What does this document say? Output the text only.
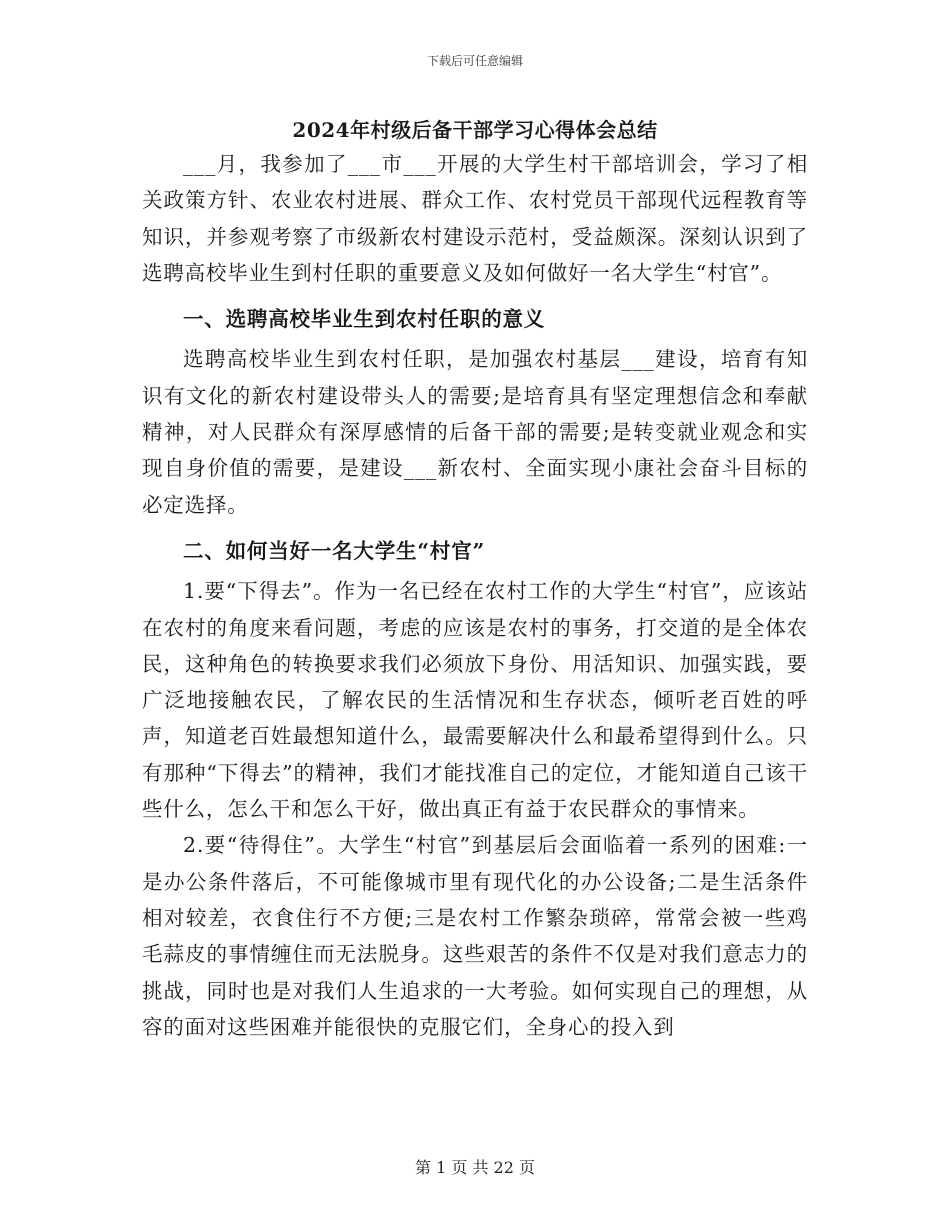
下载后可任意编辑
2024年村级后备干部学习心得体会总结

___月，我参加了___市___开展的大学生村干部培训会，学习了相关政策方针、农业农村进展、群众工作、农村党员干部现代远程教育等知识，并参观考察了市级新农村建设示范村，受益颇深。深刻认识到了选聘高校毕业生到村任职的重要意义及如何做好一名大学生“村官”。

一、选聘高校毕业生到农村任职的意义

选聘高校毕业生到农村任职，是加强农村基层___建设，培育有知识有文化的新农村建设带头人的需要;是培育具有坚定理想信念和奉献精神，对人民群众有深厚感情的后备干部的需要;是转变就业观念和实现自身价值的需要，是建设___新农村、全面实现小康社会奋斗目标的必定选择。

二、如何当好一名大学生“村官”

1.要“下得去”。作为一名已经在农村工作的大学生“村官”，应该站在农村的角度来看问题，考虑的应该是农村的事务，打交道的是全体农民，这种角色的转换要求我们必须放下身份、用活知识、加强实践，要广泛地接触农民，了解农民的生活情况和生存状态，倾听老百姓的呼声，知道老百姓最想知道什么，最需要解决什么和最希望得到什么。只有那种“下得去”的精神，我们才能找准自己的定位，才能知道自己该干些什么，怎么干和怎么干好，做出真正有益于农民群众的事情来。

2.要“待得住”。大学生“村官”到基层后会面临着一系列的困难:一是办公条件落后，不可能像城市里有现代化的办公设备;二是生活条件相对较差，衣食住行不方便;三是农村工作繁杂琐碎，常常会被一些鸡毛蒜皮的事情缠住而无法脱身。这些艰苦的条件不仅是对我们意志力的挑战，同时也是对我们人生追求的一大考验。如何实现自己的理想，从容的面对这些困难并能很快的克服它们，全身心的投入到

第 1 页 共 22 页
